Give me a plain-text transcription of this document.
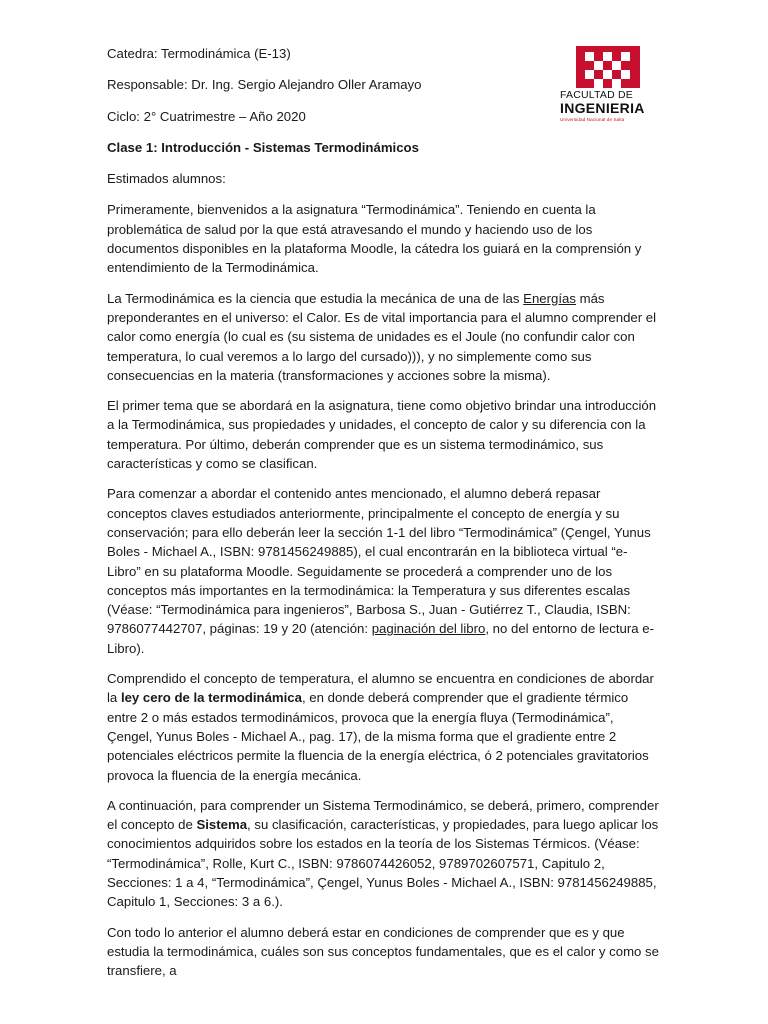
FACULTAD DE
INGENIERIA
Universidad Nacional de Salta

Catedra: Termodinámica (E-13)

Responsable: Dr. Ing. Sergio Alejandro Oller Aramayo

Ciclo: 2° Cuatrimestre – Año 2020

Clase 1: Introducción - Sistemas Termodinámicos

Estimados alumnos:

Primeramente, bienvenidos a la asignatura “Termodinámica”. Teniendo en cuenta la problemática de salud por la que está atravesando el mundo y haciendo uso de los documentos disponibles en la plataforma Moodle, la cátedra los guiará en la comprensión y entendimiento de la Termodinámica.

La Termodinámica es la ciencia que estudia la mecánica de una de las Energías más preponderantes en el universo: el Calor. Es de vital importancia para el alumno comprender el calor como energía (lo cual es (su sistema de unidades es el Joule (no confundir calor con temperatura, lo cual veremos a lo largo del cursado))), y no simplemente como sus consecuencias en la materia (transformaciones y acciones sobre la misma).

El primer tema que se abordará en la asignatura, tiene como objetivo brindar una introducción a la Termodinámica, sus propiedades y unidades, el concepto de calor y su diferencia con la temperatura. Por último, deberán comprender que es un sistema termodinámico, sus características y como se clasifican.

Para comenzar a abordar el contenido antes mencionado, el alumno deberá repasar conceptos claves estudiados anteriormente, principalmente el concepto de energía y su conservación; para ello deberán leer la sección 1-1 del libro “Termodinámica” (Çengel, Yunus Boles - Michael A., ISBN: 9781456249885), el cual encontrarán en la biblioteca virtual “e-Libro” en su plataforma Moodle. Seguidamente se procederá a comprender uno de los conceptos más importantes en la termodinámica: la Temperatura y sus diferentes escalas (Véase: “Termodinámica para ingenieros”, Barbosa S., Juan - Gutiérrez T., Claudia, ISBN: 9786077442707, páginas: 19 y 20 (atención: paginación del libro, no del entorno de lectura e-Libro).

Comprendido el concepto de temperatura, el alumno se encuentra en condiciones de abordar la ley cero de la termodinámica, en donde deberá comprender que el gradiente térmico entre 2 o más estados termodinámicos, provoca que la energía fluya (Termodinámica”, Çengel, Yunus Boles - Michael A., pag. 17), de la misma forma que el gradiente entre 2 potenciales eléctricos permite la fluencia de la energía eléctrica, ó 2 potenciales gravitatorios provoca la fluencia de la energía mecánica.

A continuación, para comprender un Sistema Termodinámico, se deberá, primero, comprender el concepto de Sistema, su clasificación, características, y propiedades, para luego aplicar los conocimientos adquiridos sobre los estados en la teoría de los Sistemas Térmicos. (Véase: “Termodinámica”, Rolle, Kurt C., ISBN: 9786074426052, 9789702607571, Capitulo 2, Secciones: 1 a 4, “Termodinámica”, Çengel, Yunus Boles - Michael A., ISBN: 9781456249885, Capitulo 1, Secciones: 3 a 6.).

Con todo lo anterior el alumno deberá estar en condiciones de comprender que es y que estudia la termodinámica, cuáles son sus conceptos fundamentales, que es el calor y como se transfiere, a
